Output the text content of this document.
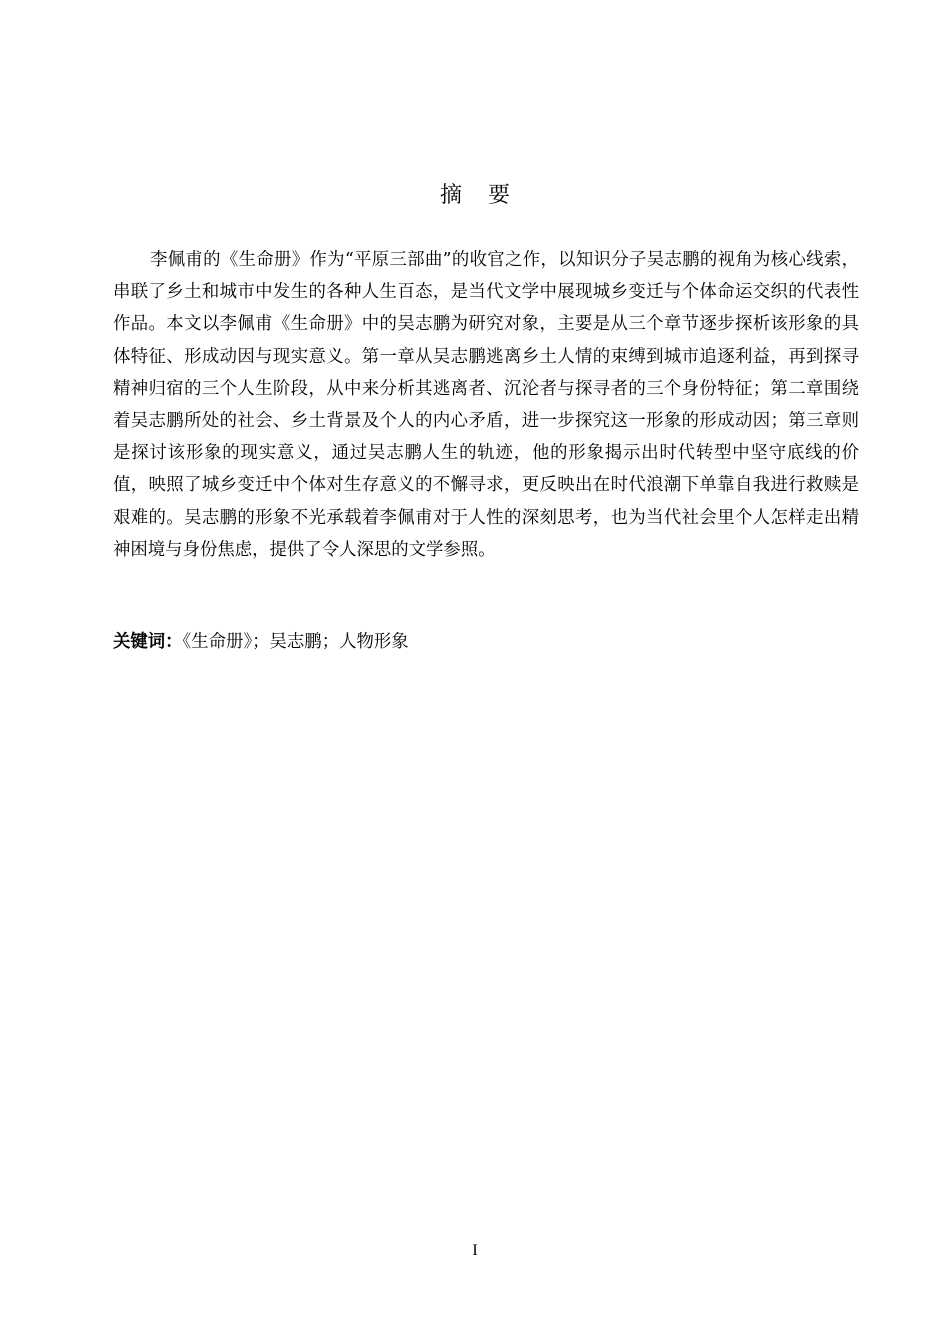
摘要

李佩甫的《生命册》作为“平原三部曲”的收官之作，以知识分子吴志鹏的视角为核心线索，串联了乡土和城市中发生的各种人生百态，是当代文学中展现城乡变迁与个体命运交织的代表性作品。本文以李佩甫《生命册》中的吴志鹏为研究对象，主要是从三个章节逐步探析该形象的具体特征、形成动因与现实意义。第一章从吴志鹏逃离乡土人情的束缚到城市追逐利益，再到探寻精神归宿的三个人生阶段，从中来分析其逃离者、沉沦者与探寻者的三个身份特征；第二章围绕着吴志鹏所处的社会、乡土背景及个人的内心矛盾，进一步探究这一形象的形成动因；第三章则是探讨该形象的现实意义，通过吴志鹏人生的轨迹，他的形象揭示出时代转型中坚守底线的价值，映照了城乡变迁中个体对生存意义的不懈寻求，更反映出在时代浪潮下单靠自我进行救赎是艰难的。吴志鹏的形象不光承载着李佩甫对于人性的深刻思考，也为当代社会里个人怎样走出精神困境与身份焦虑，提供了令人深思的文学参照。

关键词：《生命册》；吴志鹏；人物形象

I
